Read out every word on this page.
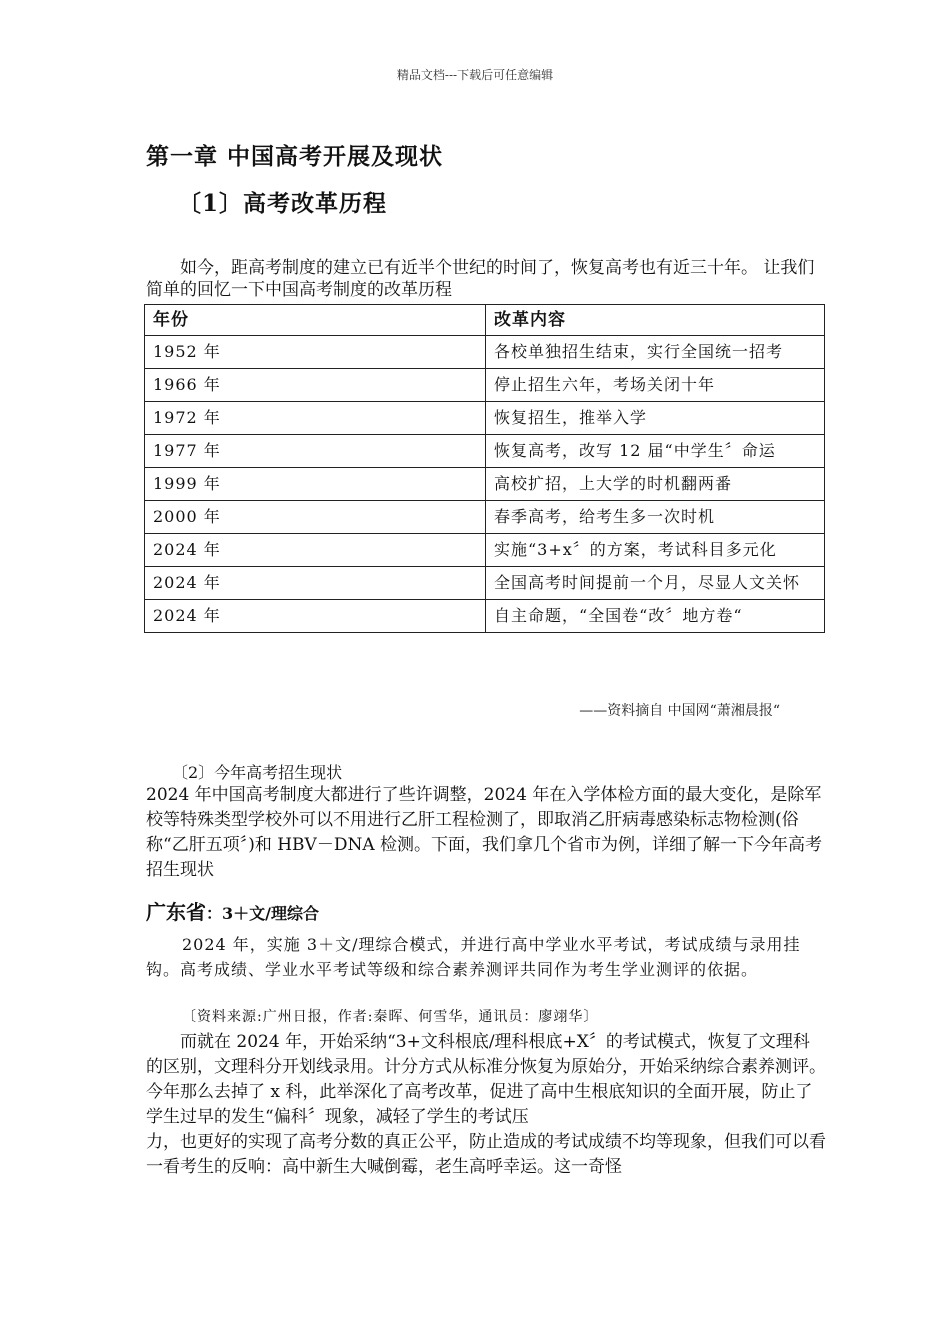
精品文档---下载后可任意编辑
第一章 中国高考开展及现状
〔1〕高考改革历程
如今，距高考制度的建立已有近半个世纪的时间了，恢复高考也有近三十年。 让我们简单的回忆一下中国高考制度的改革历程
年份	改革内容
1952 年	各校单独招生结束，实行全国统一招考
1966 年	停止招生六年，考场关闭十年
1972 年	恢复招生，推举入学
1977 年	恢复高考，改写 12 届“中学生〞命运
1999 年	高校扩招，上大学的时机翻两番
2000 年	春季高考，给考生多一次时机
2024 年	实施“3+x〞的方案，考试科目多元化
2024 年	全国高考时间提前一个月，尽显人文关怀
2024 年	自主命题，“全国卷“改〞地方卷“
——资料摘自 中国网“萧湘晨报“
〔2〕今年高考招生现状
2024 年中国高考制度大都进行了些许调整，2024 年在入学体检方面的最大变化，是除军校等特殊类型学校外可以不用进行乙肝工程检测了，即取消乙肝病毒感染标志物检测(俗称“乙肝五项〞)和 HBV－DNA 检测。下面，我们拿几个省市为例，详细了解一下今年高考招生现状
广东省：3＋文/理综合
2024 年，实施 3＋文/理综合模式，并进行高中学业水平考试，考试成绩与录用挂钩。高考成绩、学业水平考试等级和综合素养测评共同作为考生学业测评的依据。
〔资料来源:广州日报，作者:秦晖、何雪华，通讯员：廖翊华〕
而就在 2024 年，开始采纳“3+文科根底/理科根底+X〞的考试模式，恢复了文理科的区别，文理科分开划线录用。计分方式从标准分恢复为原始分，开始采纳综合素养测评。今年那么去掉了 x 科，此举深化了高考改革，促进了高中生根底知识的全面开展，防止了学生过早的发生“偏科〞现象，减轻了学生的考试压
力，也更好的实现了高考分数的真正公平，防止造成的考试成绩不均等现象，但我们可以看一看考生的反响：高中新生大喊倒霉，老生高呼幸运。这一奇怪
